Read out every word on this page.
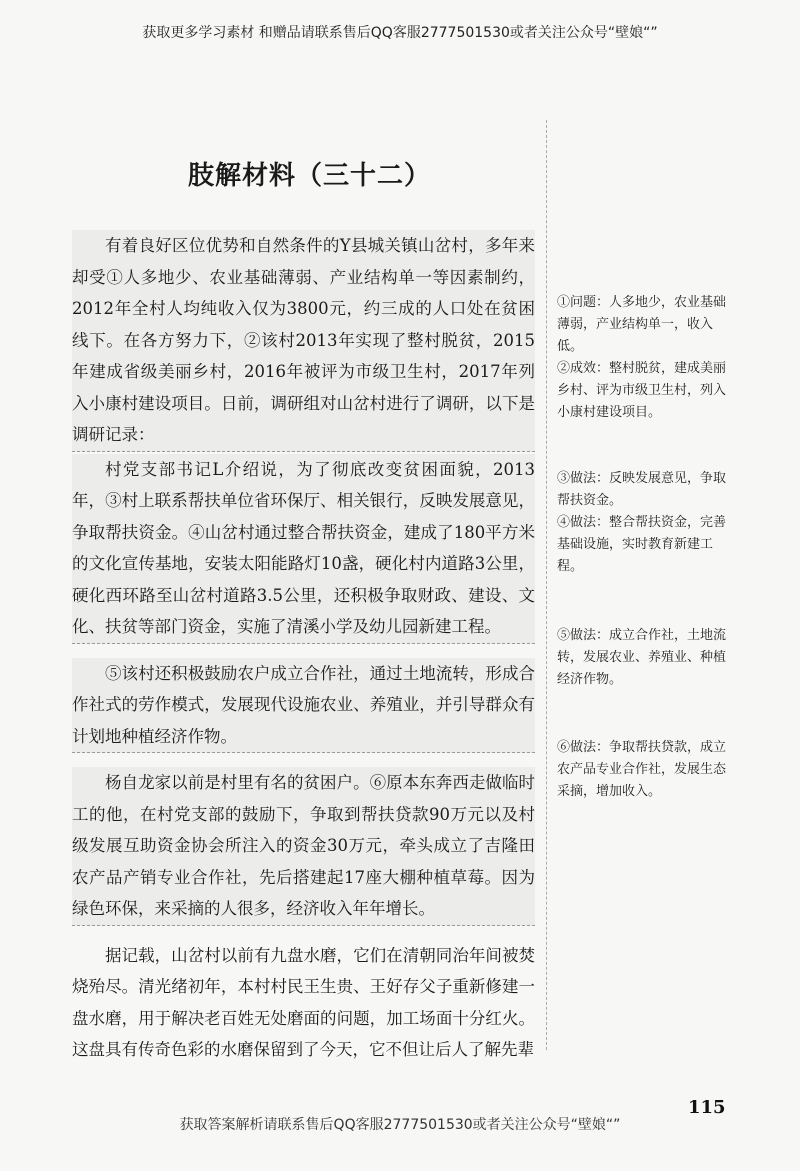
获取更多学习素材 和赠品请联系售后QQ客服2777501530或者关注公众号“壁娘“”
肢解材料（三十二）

有着良好区位优势和自然条件的Y县城关镇山岔村，多年来却受①人多地少、农业基础薄弱、产业结构单一等因素制约，2012年全村人均纯收入仅为3800元，约三成的人口处在贫困线下。在各方努力下，②该村2013年实现了整村脱贫，2015年建成省级美丽乡村，2016年被评为市级卫生村，2017年列入小康村建设项目。日前，调研组对山岔村进行了调研，以下是调研记录：

村党支部书记L介绍说，为了彻底改变贫困面貌，2013年，③村上联系帮扶单位省环保厅、相关银行，反映发展意见，争取帮扶资金。④山岔村通过整合帮扶资金，建成了180平方米的文化宣传基地，安装太阳能路灯10盏，硬化村内道路3公里，硬化西环路至山岔村道路3.5公里，还积极争取财政、建设、文化、扶贫等部门资金，实施了清溪小学及幼儿园新建工程。

⑤该村还积极鼓励农户成立合作社，通过土地流转，形成合作社式的劳作模式，发展现代设施农业、养殖业，并引导群众有计划地种植经济作物。

杨自龙家以前是村里有名的贫困户。⑥原本东奔西走做临时工的他，在村党支部的鼓励下，争取到帮扶贷款90万元以及村级发展互助资金协会所注入的资金30万元，牵头成立了吉隆田农产品产销专业合作社，先后搭建起17座大棚种植草莓。因为绿色环保，来采摘的人很多，经济收入年年增长。

据记载，山岔村以前有九盘水磨，它们在清朝同治年间被焚烧殆尽。清光绪初年，本村村民王生贵、王好存父子重新修建一盘水磨，用于解决老百姓无处磨面的问题，加工场面十分红火。这盘具有传奇色彩的水磨保留到了今天，它不但让后人了解先辈

①问题：人多地少，农业基础薄弱，产业结构单一，收入低。
②成效：整村脱贫，建成美丽乡村、评为市级卫生村，列入小康村建设项目。
③做法：反映发展意见，争取帮扶资金。
④做法：整合帮扶资金，完善基础设施，实时教育新建工程。
⑤做法：成立合作社，土地流转，发展农业、养殖业、种植经济作物。
⑥做法：争取帮扶贷款，成立农产品专业合作社，发展生态采摘，增加收入。
115
获取答案解析请联系售后QQ客服2777501530或者关注公众号“壁娘“”
